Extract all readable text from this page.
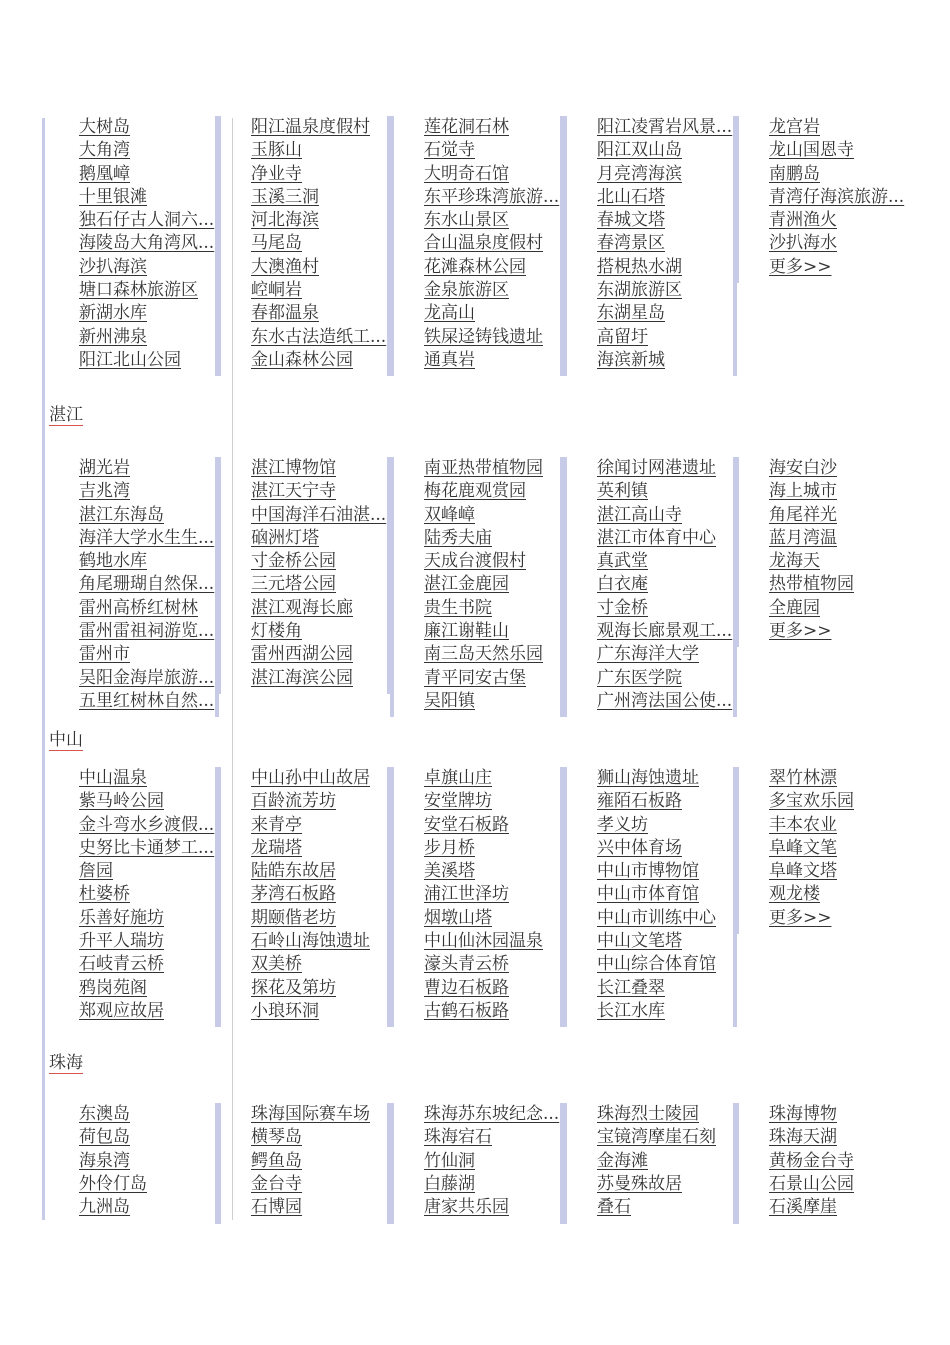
大树岛
大角湾
鹅凰嶂
十里银滩
独石仔古人洞六...
海陵岛大角湾风...
沙扒海滨
塘口森林旅游区
新湖水库
新州沸泉
阳江北山公园
阳江温泉度假村
玉豚山
净业寺
玉溪三洞
河北海滨
马尾岛
大澳渔村
崆峒岩
春都温泉
东水古法造纸工...
金山森林公园
莲花洞石林
石觉寺
大明奇石馆
东平珍珠湾旅游...
东水山景区
合山温泉度假村
花滩森林公园
金泉旅游区
龙高山
铁屎迳铸钱遗址
通真岩
阳江凌霄岩风景...
阳江双山岛
月亮湾海滨
北山石塔
春城文塔
春湾景区
搭梘热水湖
东湖旅游区
东湖星岛
高留圩
海滨新城
龙宫岩
龙山国恩寺
南鹏岛
青湾仔海滨旅游...
青洲渔火
沙扒海水
更多>>
湛江
湖光岩
吉兆湾
湛江东海岛
海洋大学水生生...
鹤地水库
角尾珊瑚自然保...
雷州高桥红树林
雷州雷祖祠游览...
雷州市
吴阳金海岸旅游...
五里红树林自然...
湛江博物馆
湛江天宁寺
中国海洋石油湛...
硇洲灯塔
寸金桥公园
三元塔公园
湛江观海长廊
灯楼角
雷州西湖公园
湛江海滨公园
南亚热带植物园
梅花鹿观赏园
双峰嶂
陆秀夫庙
天成台渡假村
湛江金鹿园
贵生书院
廉江谢鞋山
南三岛天然乐园
青平同安古堡
吴阳镇
徐闻讨网港遗址
英利镇
湛江高山寺
湛江市体育中心
真武堂
白衣庵
寸金桥
观海长廊景观工...
广东海洋大学
广东医学院
广州湾法国公使...
海安白沙
海上城市
角尾祥光
蓝月湾温
龙海天
热带植物园
全鹿园
更多>>
中山
中山温泉
紫马岭公园
金斗弯水乡渡假...
史努比卡通梦工...
詹园
杜婆桥
乐善好施坊
升平人瑞坊
石岐青云桥
鸦岗苑阁
郑观应故居
中山孙中山故居
百龄流芳坊
来青亭
龙瑞塔
陆皓东故居
茅湾石板路
期颐偕老坊
石岭山海蚀遗址
双美桥
探花及第坊
小琅环洞
卓旗山庄
安堂牌坊
安堂石板路
步月桥
美溪塔
浦江世泽坊
烟墩山塔
中山仙沐园温泉
濠头青云桥
曹边石板路
古鹤石板路
狮山海蚀遗址
雍陌石板路
孝义坊
兴中体育场
中山市博物馆
中山市体育馆
中山市训练中心
中山文笔塔
中山综合体育馆
长江叠翠
长江水库
翠竹林漂
多宝欢乐园
丰本农业
阜峰文笔
阜峰文塔
观龙楼
更多>>
珠海
东澳岛
荷包岛
海泉湾
外伶仃岛
九洲岛
珠海国际赛车场
横琴岛
鳄鱼岛
金台寺
石博园
珠海苏东坡纪念...
珠海宕石
竹仙洞
白藤湖
唐家共乐园
珠海烈士陵园
宝镜湾摩崖石刻
金海滩
苏曼殊故居
叠石
珠海博物
珠海天湖
黄杨金台寺
石景山公园
石溪摩崖
